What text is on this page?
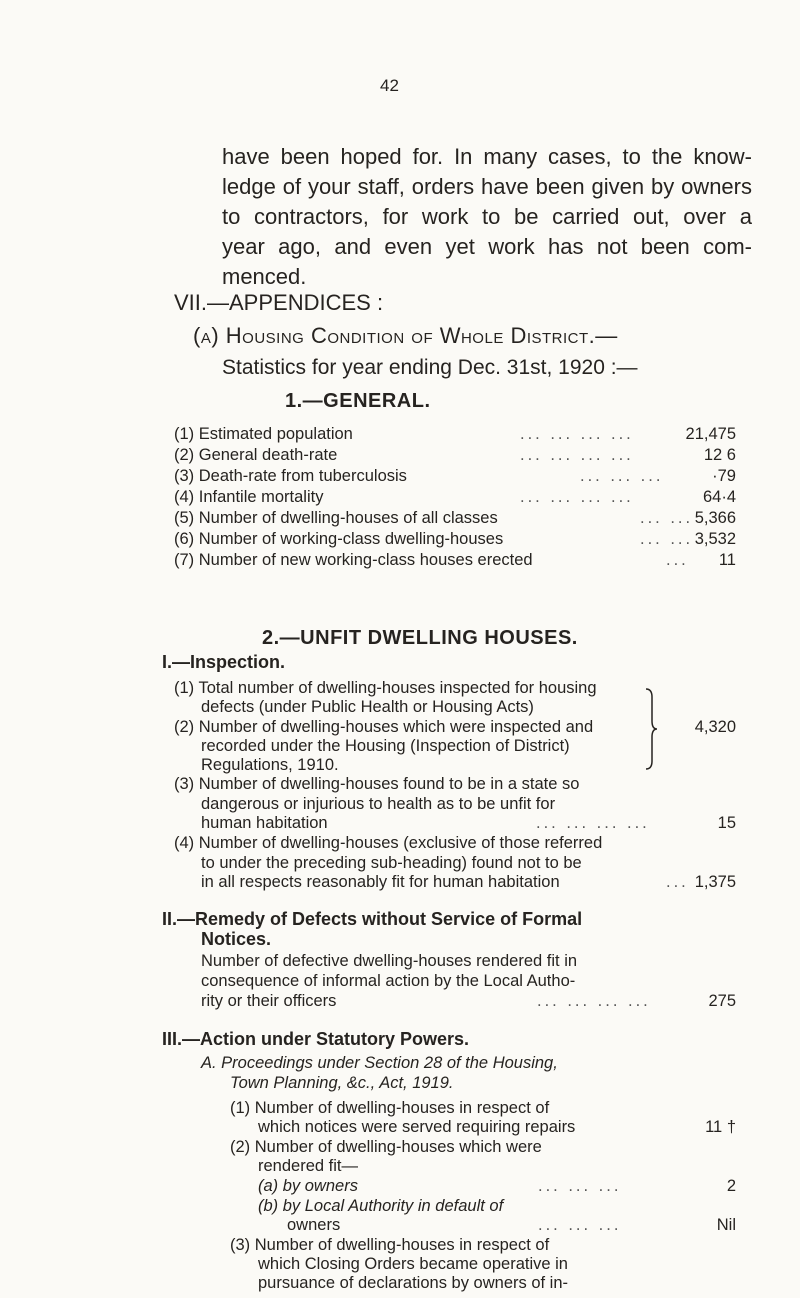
42
have been hoped for. In many cases, to the know-
ledge of your staff, orders have been given by owners
to contractors, for work to be carried out, over a
year ago, and even yet work has not been com-
menced.
VII.—APPENDICES :
(a) Housing Condition of Whole District.—
Statistics for year ending Dec. 31st, 1920 :—
1.—GENERAL.
(1) Estimated population	... ... ... ...	21,475
(2) General death-rate	... ... ... ...	12 6
(3) Death-rate from tuberculosis	... ... ...	·79
(4) Infantile mortality	... ... ... ...	64·4
(5) Number of dwelling-houses of all classes	... ... 5,366
(6) Number of working-class dwelling-houses	... ... 3,532
(7) Number of new working-class houses erected	... 11
2.—UNFIT DWELLING HOUSES.
I.—Inspection.
(1) Total number of dwelling-houses inspected for housing
defects (under Public Health or Housing Acts)
(2) Number of dwelling-houses which were inspected and
recorded under the Housing (Inspection of District)
Regulations, 1910.
4,320
(3) Number of dwelling-houses found to be in a state so
dangerous or injurious to health as to be unfit for
human habitation	... ... ... ...	15
(4) Number of dwelling-houses (exclusive of those referred
to under the preceding sub-heading) found not to be
in all respects reasonably fit for human habitation	... 1,375
II.—Remedy of Defects without Service of Formal
Notices.
Number of defective dwelling-houses rendered fit in
consequence of informal action by the Local Autho-
rity or their officers	... ... ... ...	275
III.—Action under Statutory Powers.
A. Proceedings under Section 28 of the Housing,
Town Planning, &c., Act, 1919.
(1) Number of dwelling-houses in respect of
which notices were served requiring repairs	11 †
(2) Number of dwelling-houses which were
rendered fit—
(a) by owners	... ... ...	2
(b) by Local Authority in default of
owners	... ... ...	Nil
(3) Number of dwelling-houses in respect of
which Closing Orders became operative in
pursuance of declarations by owners of in-
